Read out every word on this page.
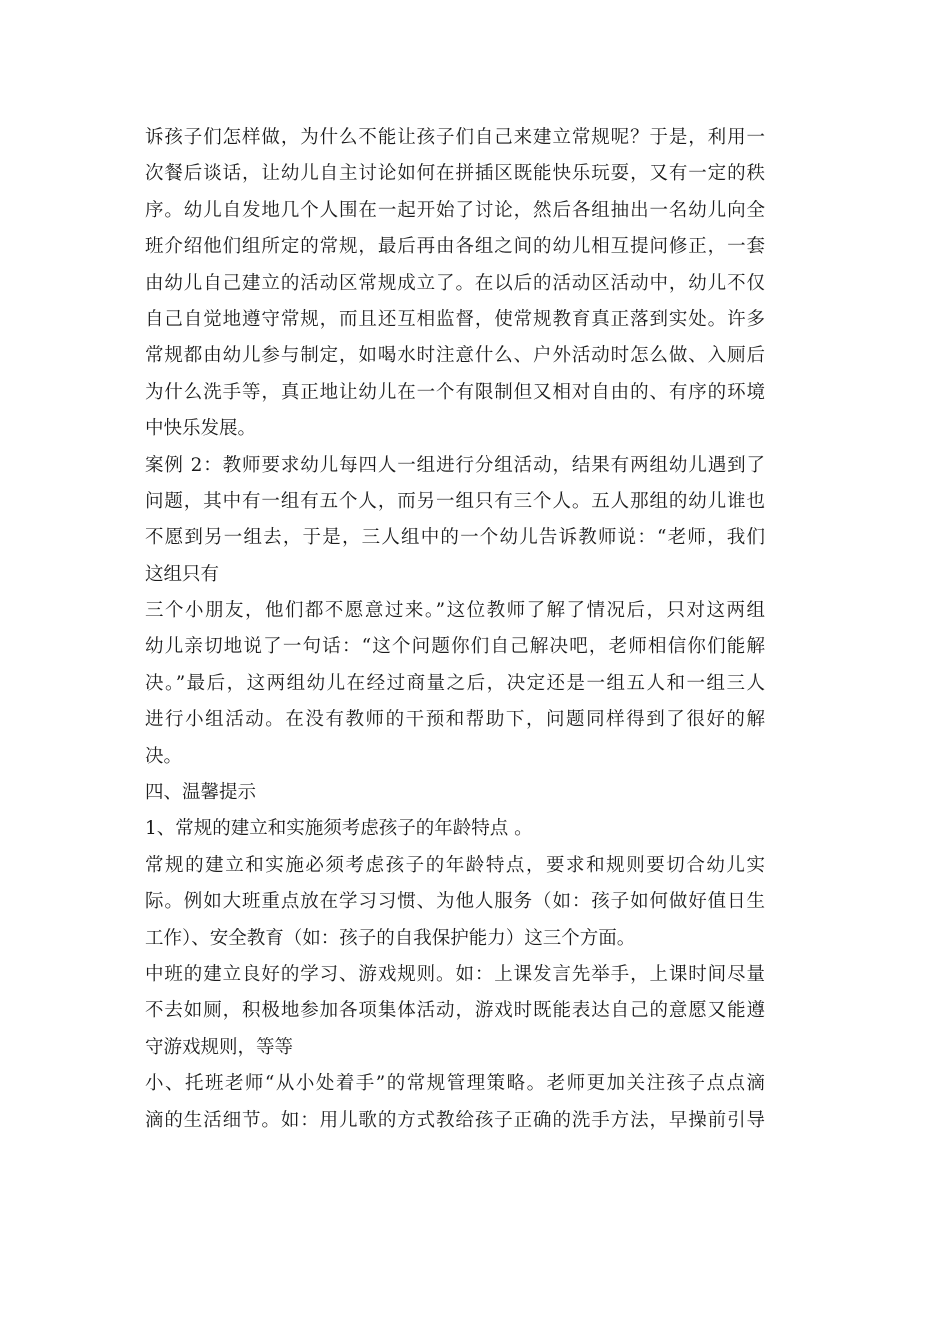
诉孩子们怎样做，为什么不能让孩子们自己来建立常规呢？于是，利用一
次餐后谈话，让幼儿自主讨论如何在拼插区既能快乐玩耍，又有一定的秩
序。幼儿自发地几个人围在一起开始了讨论，然后各组抽出一名幼儿向全
班介绍他们组所定的常规，最后再由各组之间的幼儿相互提问修正，一套
由幼儿自己建立的活动区常规成立了。在以后的活动区活动中，幼儿不仅
自己自觉地遵守常规，而且还互相监督，使常规教育真正落到实处。许多
常规都由幼儿参与制定，如喝水时注意什么、户外活动时怎么做、入厕后
为什么洗手等，真正地让幼儿在一个有限制但又相对自由的、有序的环境
中快乐发展。
案例 2：教师要求幼儿每四人一组进行分组活动，结果有两组幼儿遇到了
问题，其中有一组有五个人，而另一组只有三个人。五人那组的幼儿谁也
不愿到另一组去，于是，三人组中的一个幼儿告诉教师说：“老师，我们
这组只有
三个小朋友，他们都不愿意过来。”这位教师了解了情况后，只对这两组
幼儿亲切地说了一句话：“这个问题你们自己解决吧，老师相信你们能解
决。”最后，这两组幼儿在经过商量之后，决定还是一组五人和一组三人
进行小组活动。在没有教师的干预和帮助下，问题同样得到了很好的解
决。
四、温馨提示
1、常规的建立和实施须考虑孩子的年龄特点 。
常规的建立和实施必须考虑孩子的年龄特点，要求和规则要切合幼儿实
际。例如大班重点放在学习习惯、为他人服务（如：孩子如何做好值日生
工作）、安全教育（如：孩子的自我保护能力）这三个方面。
中班的建立良好的学习、游戏规则。如：上课发言先举手，上课时间尽量
不去如厕，积极地参加各项集体活动，游戏时既能表达自己的意愿又能遵
守游戏规则，等等
小、托班老师“从小处着手”的常规管理策略。老师更加关注孩子点点滴
滴的生活细节。如：用儿歌的方式教给孩子正确的洗手方法，早操前引导
